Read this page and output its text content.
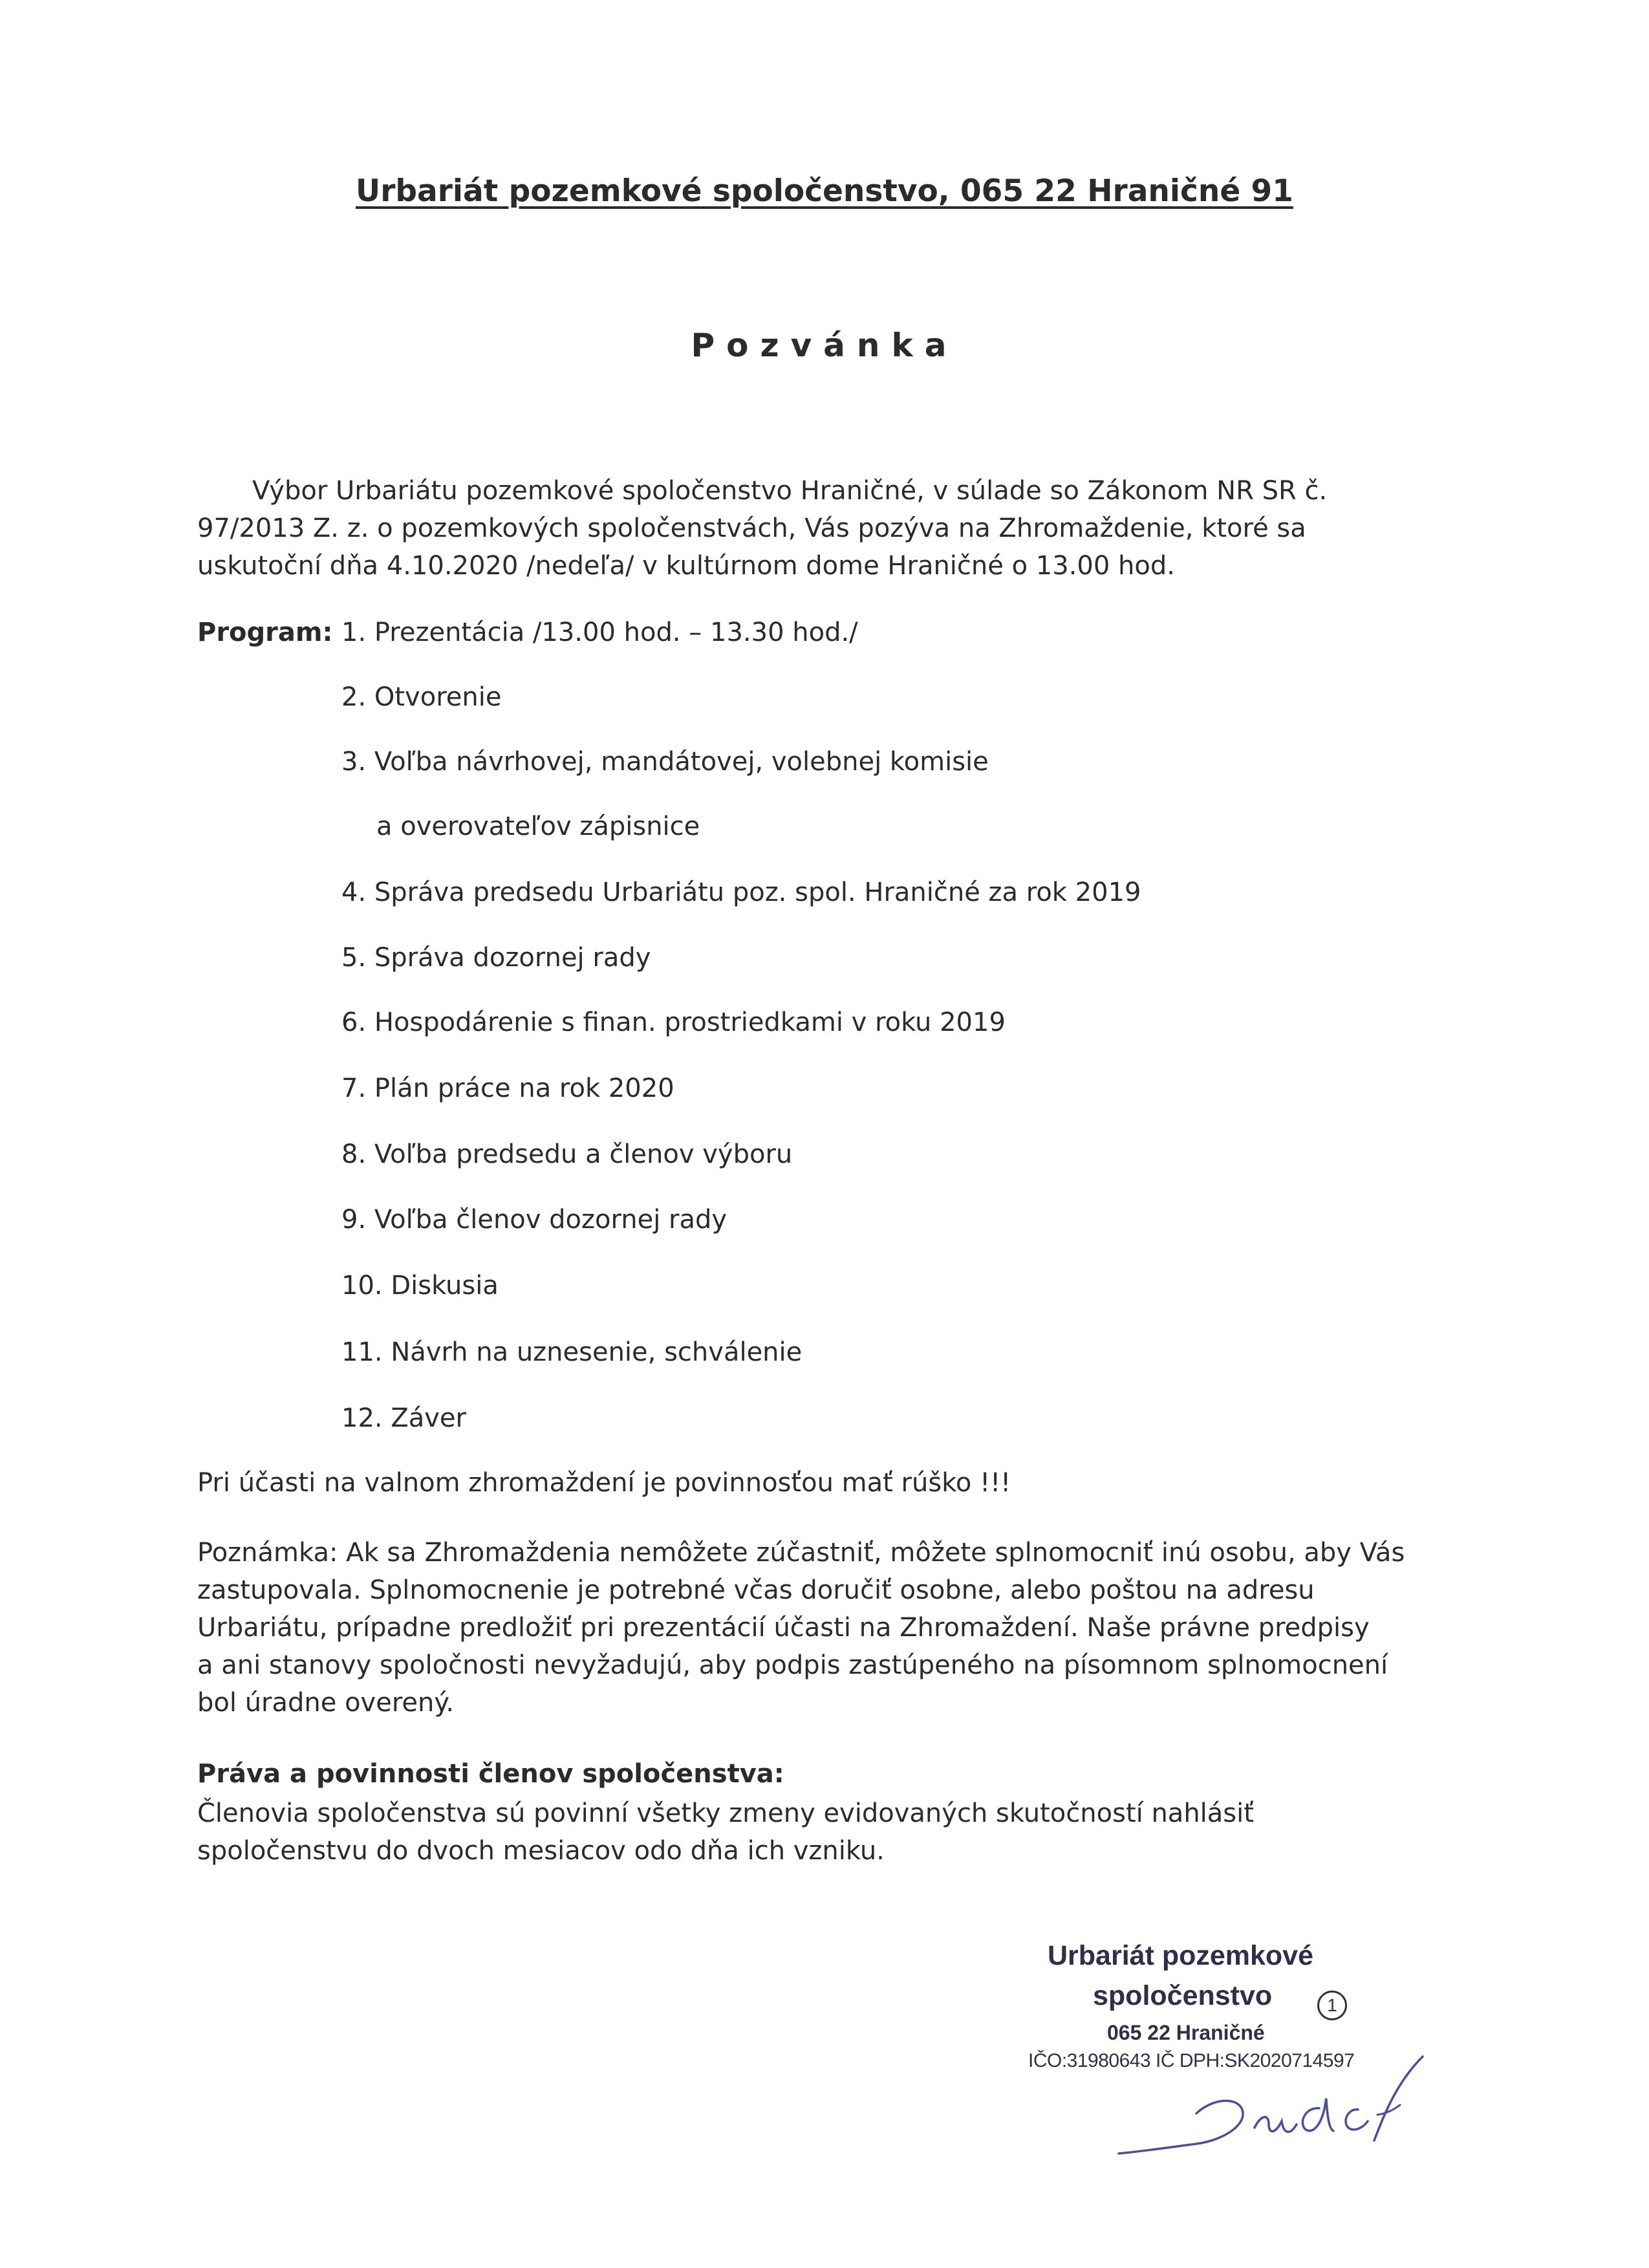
Urbariát pozemkové spoločenstvo, 065 22 Hraničné 91
Pozvánka
Výbor Urbariátu pozemkové spoločenstvo Hraničné, v súlade so Zákonom NR SR č.
97/2013 Z. z. o pozemkových spoločenstvách, Vás pozýva na Zhromaždenie, ktoré sa
uskutoční dňa 4.10.2020 /nedeľa/ v kultúrnom dome Hraničné o 13.00 hod.
Program: 1. Prezentácia /13.00 hod. – 13.30 hod./
2. Otvorenie
3. Voľba návrhovej, mandátovej, volebnej komisie
a overovateľov zápisnice
4. Správa predsedu Urbariátu poz. spol. Hraničné za rok 2019
5. Správa dozornej rady
6. Hospodárenie s finan. prostriedkami v roku 2019
7. Plán práce na rok 2020
8. Voľba predsedu a členov výboru
9. Voľba členov dozornej rady
10. Diskusia
11. Návrh na uznesenie, schválenie
12. Záver
Pri účasti na valnom zhromaždení je povinnosťou mať rúško !!!
Poznámka: Ak sa Zhromaždenia nemôžete zúčastniť, môžete splnomocniť inú osobu, aby Vás
zastupovala. Splnomocnenie je potrebné včas doručiť osobne, alebo poštou na adresu
Urbariátu, prípadne predložiť pri prezentácií účasti na Zhromaždení. Naše právne predpisy
a ani stanovy spoločnosti nevyžadujú, aby podpis zastúpeného na písomnom splnomocnení
bol úradne overený.
Práva a povinnosti členov spoločenstva:
Členovia spoločenstva sú povinní všetky zmeny evidovaných skutočností nahlásiť
spoločenstvu do dvoch mesiacov odo dňa ich vzniku.
Urbariát pozemkové
spoločenstvo	1
065 22 Hraničné
IČO:31980643 IČ DPH:SK2020714597
